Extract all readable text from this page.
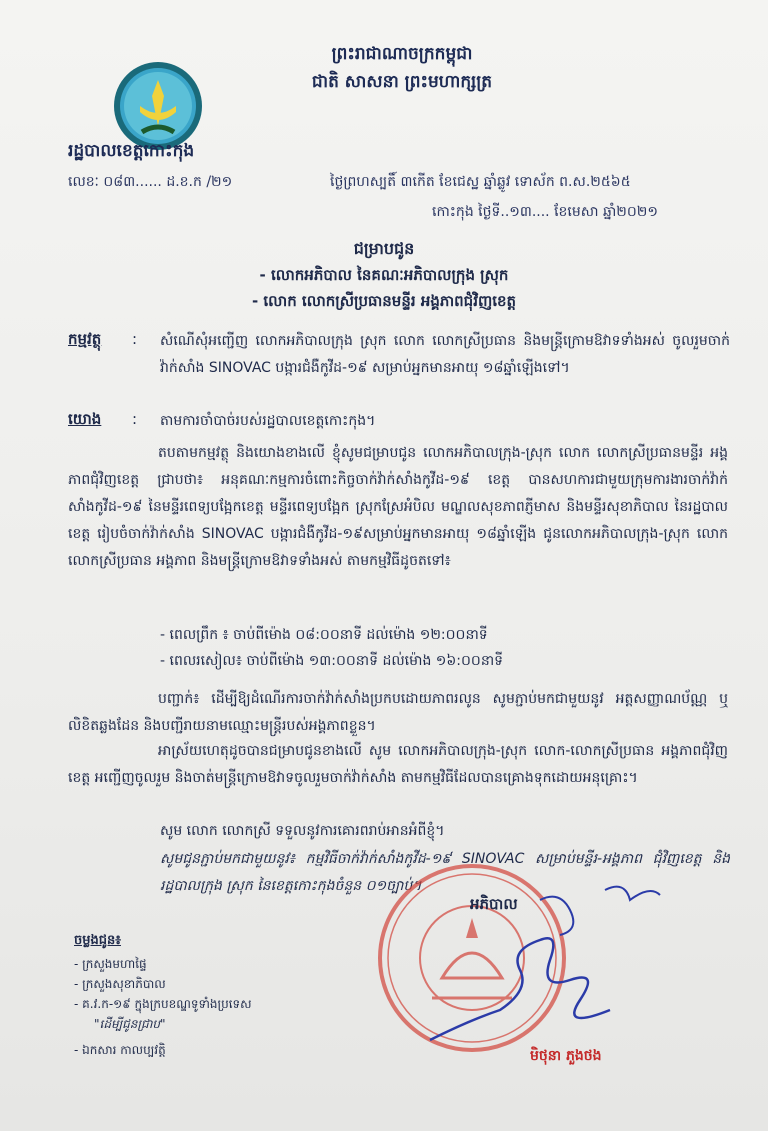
ព្រះរាជាណាចក្រកម្ពុជា
ជាតិ សាសនា ព្រះមហាក្សត្រ
រដ្ឋបាលខេត្តកោះកុង
លេខៈ ០៨៣...... ដ.ខ.ក /២១	ថ្ងៃព្រហស្បតិ៍ ៣កើត ខែជេស្ឋ ឆ្នាំឆ្លូវ ទោស័ក ព.ស.២៥៦៥
កោះកុង ថ្ងៃទី..១៣.... ខែមេសា ឆ្នាំ២០២១
ជម្រាបជូន
- លោកអភិបាល នៃគណៈអភិបាលក្រុង ស្រុក
- លោក លោកស្រីប្រធានមន្ទីរ អង្គភាពជុំវិញខេត្ត
កម្មវត្ថុ : សំណើសុំអញ្ជើញ លោកអភិបាលក្រុង ស្រុក លោក លោកស្រីប្រធាន និងមន្ត្រីក្រោមឱវាទទាំងអស់ ចូលរួមចាក់វ៉ាក់សាំង SINOVAC បង្ការជំងឺកូវីដ-១៩ សម្រាប់អ្នកមានអាយុ ១៨ឆ្នាំឡើងទៅ។
យោង : តាមការចាំបាច់របស់រដ្ឋបាលខេត្តកោះកុង។
តបតាមកម្មវត្ថុ និងយោងខាងលើ ខ្ញុំសូមជម្រាបជូន លោកអភិបាលក្រុង-ស្រុក លោក លោកស្រីប្រធានមន្ទីរ អង្គភាពជុំវិញខេត្ត ជ្រាបថា៖ អនុគណៈកម្មការចំពោះកិច្ចចាក់វ៉ាក់សាំងកូវីដ-១៩ ខេត្ត បានសហការជាមួយក្រុមការងារចាក់វ៉ាក់សាំងកូវីដ-១៩ នៃមន្ទីរពេទ្យបង្អែកខេត្ត មន្ទីរពេទ្យបង្អែក ស្រុកស្រែអំបិល មណ្ឌលសុខភាពភ្ញីមាស និងមន្ទីរសុខាភិបាល នៃរដ្ឋបាលខេត្ត រៀបចំចាក់វ៉ាក់សាំង SINOVAC បង្ការជំងឺកូវីដ-១៩សម្រាប់អ្នកមានអាយុ ១៨ឆ្នាំឡើង ជូនលោកអភិបាលក្រុង-ស្រុក លោក លោកស្រីប្រធាន អង្គភាព និងមន្ត្រីក្រោមឱវាទទាំងអស់ តាមកម្មវិធីដូចតទៅ៖
- ពេលព្រឹក ៖ ចាប់ពីម៉ោង ០៨:០០នាទី ដល់ម៉ោង ១២:០០នាទី
- ពេលរសៀល៖ ចាប់ពីម៉ោង ១៣:០០នាទី ដល់ម៉ោង ១៦:០០នាទី
បញ្ជាក់៖ ដើម្បីឱ្យដំណើរការចាក់វ៉ាក់សាំងប្រកបដោយភាពរលូន សូមភ្ជាប់មកជាមួយនូវ អត្តសញ្ញាណប័ណ្ណ ឬលិខិតឆ្លងដែន និងបញ្ជីរាយនាមឈ្មោះមន្ត្រីរបស់អង្គភាពខ្លួន។
អាស្រ័យហេតុដូចបានជម្រាបជូនខាងលើ សូម លោកអភិបាលក្រុង-ស្រុក លោក-លោកស្រីប្រធាន អង្គភាពជុំវិញខេត្ត អញ្ជើញចូលរួម និងចាត់មន្ត្រីក្រោមឱវាទចូលរួមចាក់វ៉ាក់សាំង តាមកម្មវិធីដែលបានគ្រោងទុកដោយអនុគ្រោះ។
សូម លោក លោកស្រី ទទួលនូវការគោរពរាប់អានអំពីខ្ញុំ។
សូមជូនភ្ជាប់មកជាមួយនូវ៖ កម្មវិធីចាក់វ៉ាក់សាំងកូវីដ-១៩ SINOVAC សម្រាប់មន្ទីរ-អង្គភាព ជុំវិញខេត្ត និង រដ្ឋបាលក្រុង ស្រុក នៃខេត្តកោះកុងចំនួន ០១ច្បាប់។
អភិបាល
មិថុនា ភួងថង
ចម្លងជូន៖
- ក្រសួងមហាផ្ទៃ
- ក្រសួងសុខាភិបាល
- គ.វ.ក-១៩ ក្នុងក្របខណ្ឌទូទាំងប្រទេស
"ដើម្បីជូនជ្រាប"
- ឯកសារ កាលប្បវត្តិ
